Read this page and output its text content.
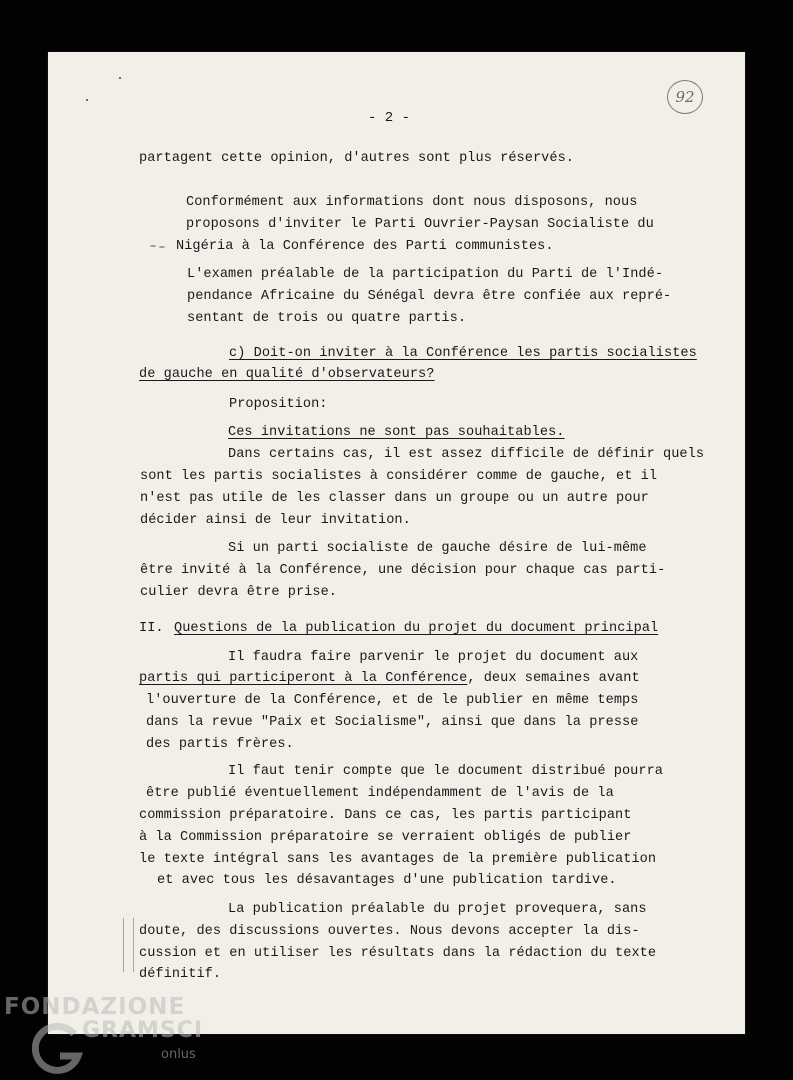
- 2 -
92
partagent cette opinion, d'autres sont plus réservés.
Conformément aux informations dont nous disposons, nous
proposons d'inviter le Parti Ouvrier-Paysan Socialiste du
Nigéria à la Conférence des Parti communistes.
L'examen préalable de la participation du Parti de l'Indé-
pendance Africaine du Sénégal devra être confiée aux repré-
sentant de trois ou quatre partis.
c) Doit-on inviter à la Conférence les partis socialistes
de gauche en qualité d'observateurs?
Proposition:
Ces invitations ne sont pas souhaitables.
Dans certains cas, il est assez difficile de définir quels
sont les partis socialistes à considérer comme de gauche, et il
n'est pas utile de les classer dans un groupe ou un autre pour
décider ainsi de leur invitation.
Si un parti socialiste de gauche désire de lui-même
être invité à la Conférence, une décision pour chaque cas parti-
culier devra être prise.
II. Questions de la publication du projet du document principal
Il faudra faire parvenir le projet du document aux
partis qui participeront à la Conférence, deux semaines avant
l'ouverture de la Conférence, et de le publier en même temps
dans la revue "Paix et Socialisme", ainsi que dans la presse
des partis frères.
Il faut tenir compte que le document distribué pourra
être publié éventuellement indépendamment de l'avis de la
commission préparatoire. Dans ce cas, les partis participant
à la Commission préparatoire se verraient obligés de publier
le texte intégral sans les avantages de la première publication
et avec tous les désavantages d'une publication tardive.
La publication préalable du projet provequera, sans
doute, des discussions ouvertes. Nous devons accepter la dis-
cussion et en utiliser les résultats dans la rédaction du texte
définitif.
FONDAZIONE
GRAMSCI
onlus
